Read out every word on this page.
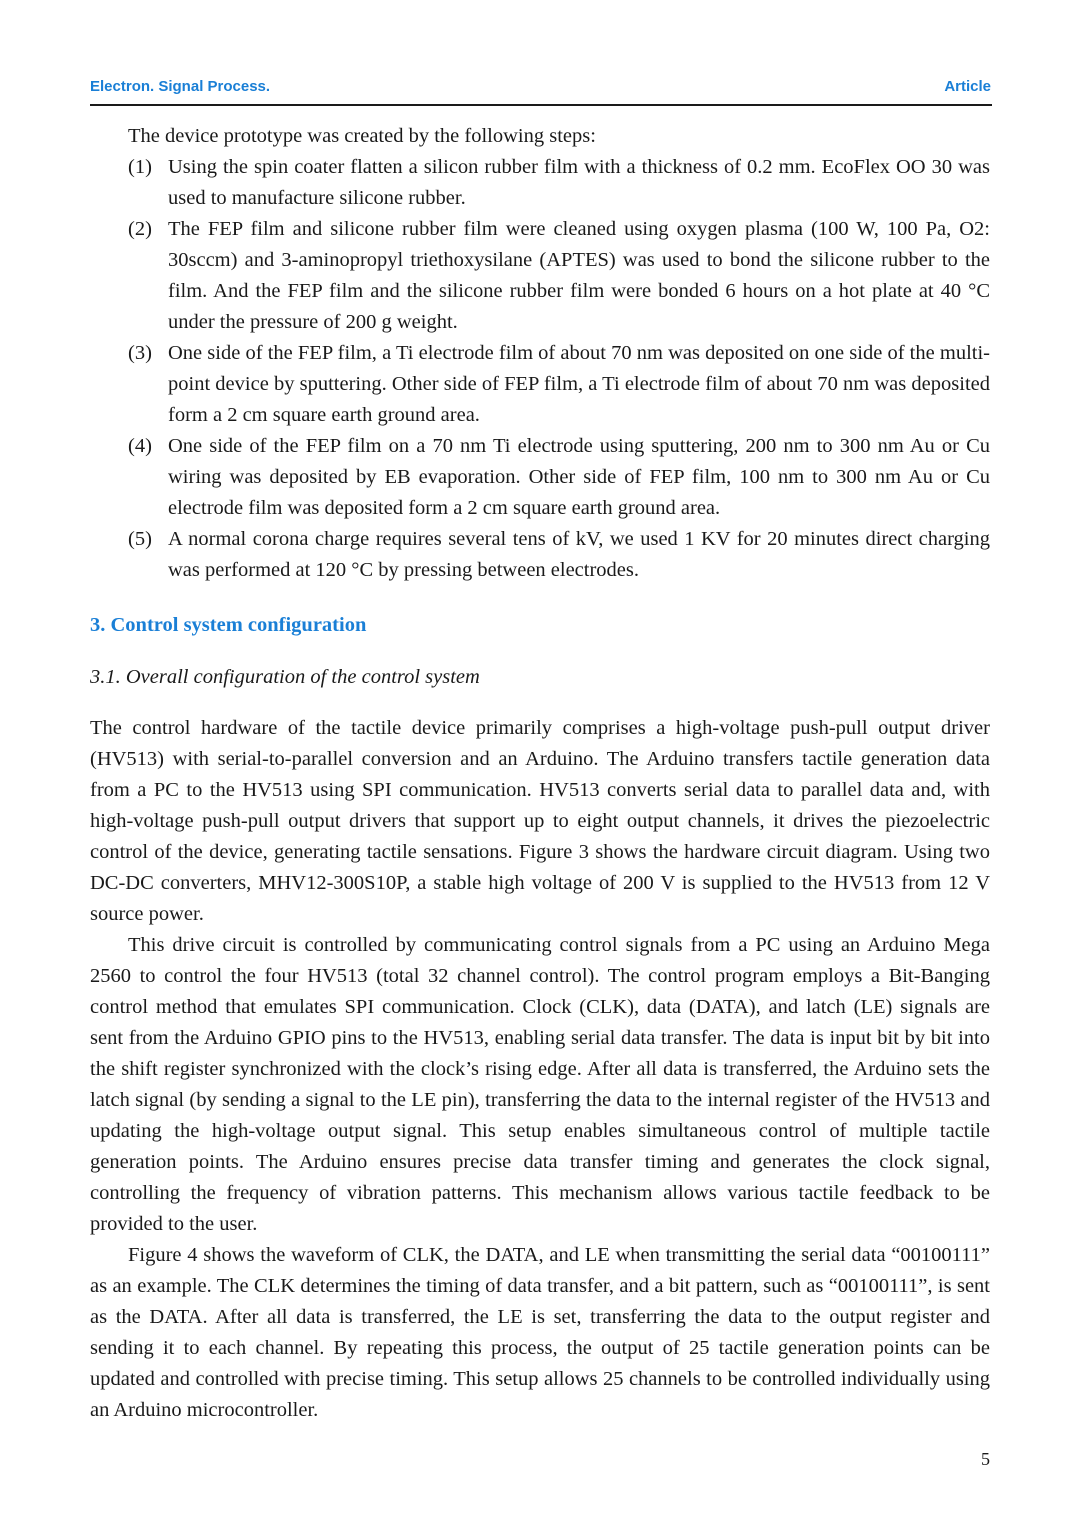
Electron. Signal Process.	Article

The device prototype was created by the following steps:

(1) Using the spin coater flatten a silicon rubber film with a thickness of 0.2 mm. EcoFlex OO 30 was used to manufacture silicone rubber.
(2) The FEP film and silicone rubber film were cleaned using oxygen plasma (100 W, 100 Pa, O2: 30sccm) and 3-aminopropyl triethoxysilane (APTES) was used to bond the silicone rubber to the film. And the FEP film and the silicone rubber film were bonded 6 hours on a hot plate at 40 °C under the pressure of 200 g weight.
(3) One side of the FEP film, a Ti electrode film of about 70 nm was deposited on one side of the multi-point device by sputtering. Other side of FEP film, a Ti electrode film of about 70 nm was deposited form a 2 cm square earth ground area.
(4) One side of the FEP film on a 70 nm Ti electrode using sputtering, 200 nm to 300 nm Au or Cu wiring was deposited by EB evaporation. Other side of FEP film, 100 nm to 300 nm Au or Cu electrode film was deposited form a 2 cm square earth ground area.
(5) A normal corona charge requires several tens of kV, we used 1 KV for 20 minutes direct charging was performed at 120 °C by pressing between electrodes.
3. Control system configuration
3.1. Overall configuration of the control system

The control hardware of the tactile device primarily comprises a high-voltage push-pull output driver (HV513) with serial-to-parallel conversion and an Arduino. The Arduino transfers tactile generation data from a PC to the HV513 using SPI communication. HV513 converts serial data to parallel data and, with high-voltage push-pull output drivers that support up to eight output channels, it drives the piezoelectric control of the device, generating tactile sensations. Figure 3 shows the hardware circuit diagram. Using two DC-DC converters, MHV12-300S10P, a stable high voltage of 200 V is supplied to the HV513 from 12 V source power.

This drive circuit is controlled by communicating control signals from a PC using an Arduino Mega 2560 to control the four HV513 (total 32 channel control). The control program employs a Bit-Banging control method that emulates SPI communication. Clock (CLK), data (DATA), and latch (LE) signals are sent from the Arduino GPIO pins to the HV513, enabling serial data transfer. The data is input bit by bit into the shift register synchronized with the clock’s rising edge. After all data is transferred, the Arduino sets the latch signal (by sending a signal to the LE pin), transferring the data to the internal register of the HV513 and updating the high-voltage output signal. This setup enables simultaneous control of multiple tactile generation points. The Arduino ensures precise data transfer timing and generates the clock signal, controlling the frequency of vibration patterns. This mechanism allows various tactile feedback to be provided to the user.

Figure 4 shows the waveform of CLK, the DATA, and LE when transmitting the serial data “00100111” as an example. The CLK determines the timing of data transfer, and a bit pattern, such as “00100111”, is sent as the DATA. After all data is transferred, the LE is set, transferring the data to the output register and sending it to each channel. By repeating this process, the output of 25 tactile generation points can be updated and controlled with precise timing. This setup allows 25 channels to be controlled individually using an Arduino microcontroller.

5
